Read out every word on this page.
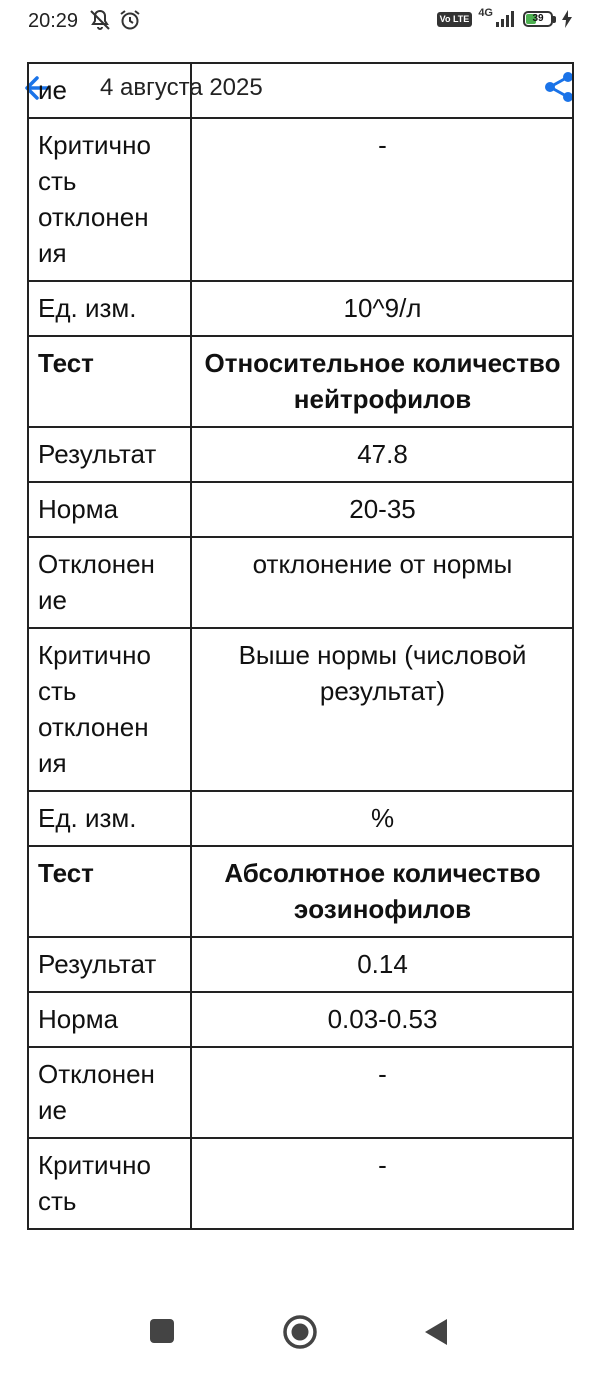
20:29	Vo LTE 4G	39
4 августа 2025
ие	
Критично сть отклонен ия	-
Ед. изм.	10^9/л
Тест	Относительное количество нейтрофилов
Результат	47.8
Норма	20-35
Отклонен ие	отклонение от нормы
Критично сть отклонен ия	Выше нормы (числовой результат)
Ед. изм.	%
Тест	Абсолютное количество эозинофилов
Результат	0.14
Норма	0.03-0.53
Отклонен ие	-
Критично сть	-
